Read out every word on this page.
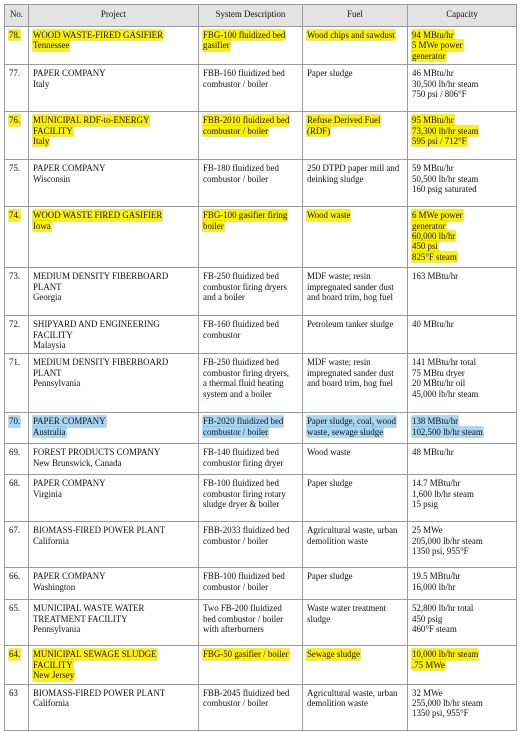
No.	Project	System Description	Fuel	Capacity
78.	WOOD WASTE-FIRED GASIFIER
Tennessee	FBG-100 fluidized bed
gasifier	Wood chips and sawdust	94 MBtu/hr
5 MWe power
generator

77.	PAPER COMPANY
Italy	FBB-160 fluidized bed
combustor / boiler	Paper sludge	46 MBtu/hr
30,500 lb/hr steam
750 psi / 806°F

76.	MUNICIPAL RDF-to-ENERGY
FACILITY
Italy	FBB-2010 fluidized bed
combustor / boiler	Refuse Derived Fuel
(RDF)	95 MBtu/hr
73,300 lb/hr steam
595 psi / 712°F

75.	PAPER COMPANY
Wisconsin	FB-180 fluidized bed
combustor / boiler	250 DTPD paper mill and
deinking sludge	59 MBtu/hr
50,500 lb/hr steam
160 psig saturated

74.	WOOD WASTE FIRED GASIFIER
Iowa	FBG-100 gasifier firing
boiler	Wood waste	6 MWe power
generator
60,000 lb/hr
450 psi
825°F steam

73.	MEDIUM DENSITY FIBERBOARD
PLANT
Georgia	FB-250 fluidized bed
combustor firing dryers
and a boiler	MDF waste; resin
impregnated sander dust
and board trim, hog fuel	163 MBtu/hr

72.	SHIPYARD AND ENGINEERING
FACILITY
Malaysia	FB-160 fluidized bed
combustor	Petroleum tanker sludge	40 MBtu/hr

71.	MEDIUM DENSITY FIBERBOARD
PLANT
Pennsylvania	FB-250 fluidized bed
combustor firing dryers,
a thermal fluid heating
system and a boiler	MDF waste; resin
impregnated sander dust
and board trim, hog fuel	141 MBtu/hr total
75 MBtu dryer
20 MBtu/hr oil
45,000 lb/hr steam

70.	PAPER COMPANY
Australia	FB-2020 fluidized bed
combustor / boiler	Paper sludge, coal, wood
waste, sewage sludge	138 MBtu/hr
102,500 lb/hr steam

69.	FOREST PRODUCTS COMPANY
New Brunswick, Canada	FB-140 fluidized bed
combustor firing dryer	Wood waste	48 MBtu/hr

68.	PAPER COMPANY
Virginia	FB-100 fluidized bed
combustor firing rotary
sludge dryer & boiler	Paper sludge	14.7 MBtu/hr
1,600 lb/hr steam
15 psig

67.	BIOMASS-FIRED POWER PLANT
California	FBB-2033 fluidized bed
combustor / boiler	Agricultural waste, urban
demolition waste	25 MWe
205,000 lb/hr steam
1350 psi, 955°F

66.	PAPER COMPANY
Washington	FBB-100 fluidized bed
combustor / boiler	Paper sludge	19.5 MBtu/hr
16,000 lb/hr

65.	MUNICIPAL WASTE WATER
TREATMENT FACILITY
Pennsylvania	Two FB-200 fluidized
bed combustor / boiler
with afterburners	Waste water treatment
sludge	52,800 lb/hr total
450 psig
460°F steam

64.	MUNICIPAL SEWAGE SLUDGE
FACILITY
New Jersey	FBG-50 gasifier / boiler	Sewage sludge	10,000 lb/hr steam
.75 MWe

63	BIOMASS-FIRED POWER PLANT
California	FBB-2045 fluidized bed
combustor / boiler	Agricultural waste, urban
demolition waste	32 MWe
255,000 lb/hr steam
1350 psi, 955°F
